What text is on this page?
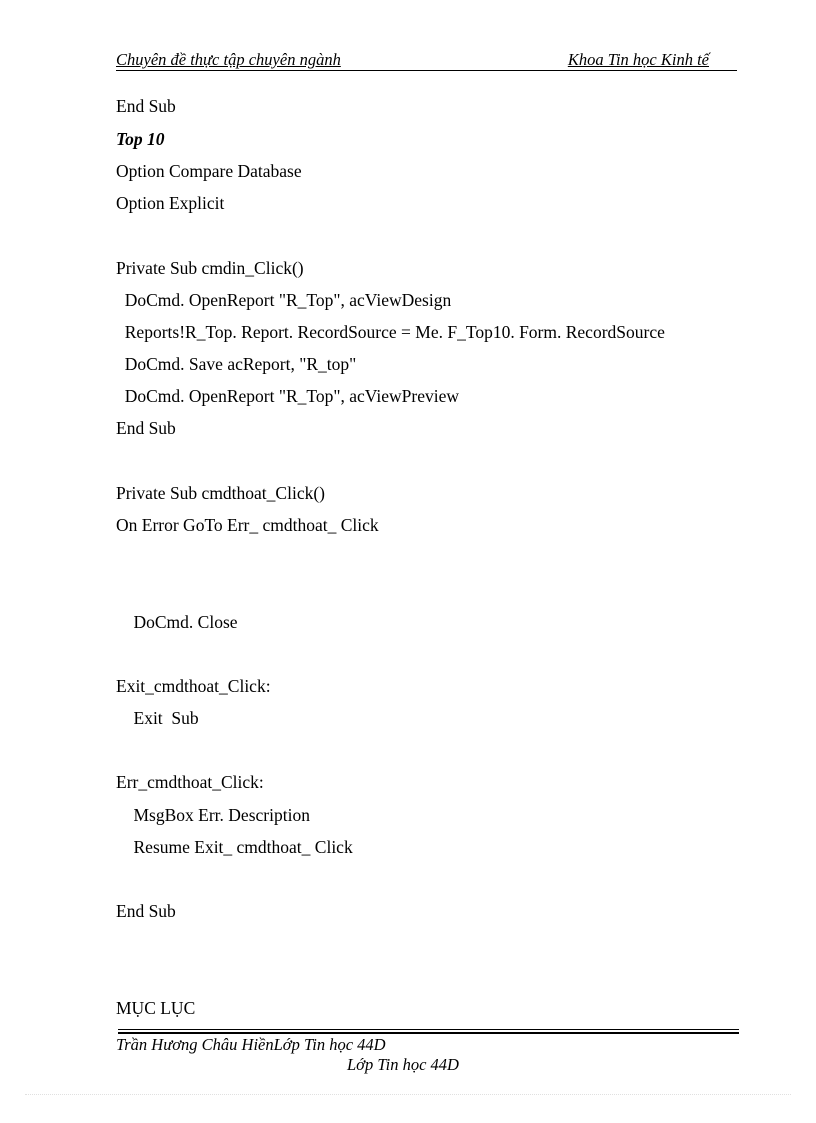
Chuyên đề thực tập chuyên ngành	Khoa Tin học Kinh tế
End Sub
Top 10
Option Compare Database
Option Explicit
Private Sub cmdin_Click()
DoCmd. OpenReport "R_Top", acViewDesign
Reports!R_Top. Report. RecordSource = Me. F_Top10. Form. RecordSource
DoCmd. Save acReport, "R_top"
DoCmd. OpenReport "R_Top", acViewPreview
End Sub
Private Sub cmdthoat_Click()
On Error GoTo Err_ cmdthoat_ Click
DoCmd. Close
Exit_cmdthoat_Click:
Exit  Sub
Err_cmdthoat_Click:
MsgBox Err. Description
Resume Exit_ cmdthoat_ Click
End Sub
MỤC LỤC
Trần Hương Châu HiềnLớp Tin học 44D
Lớp Tin học 44D
